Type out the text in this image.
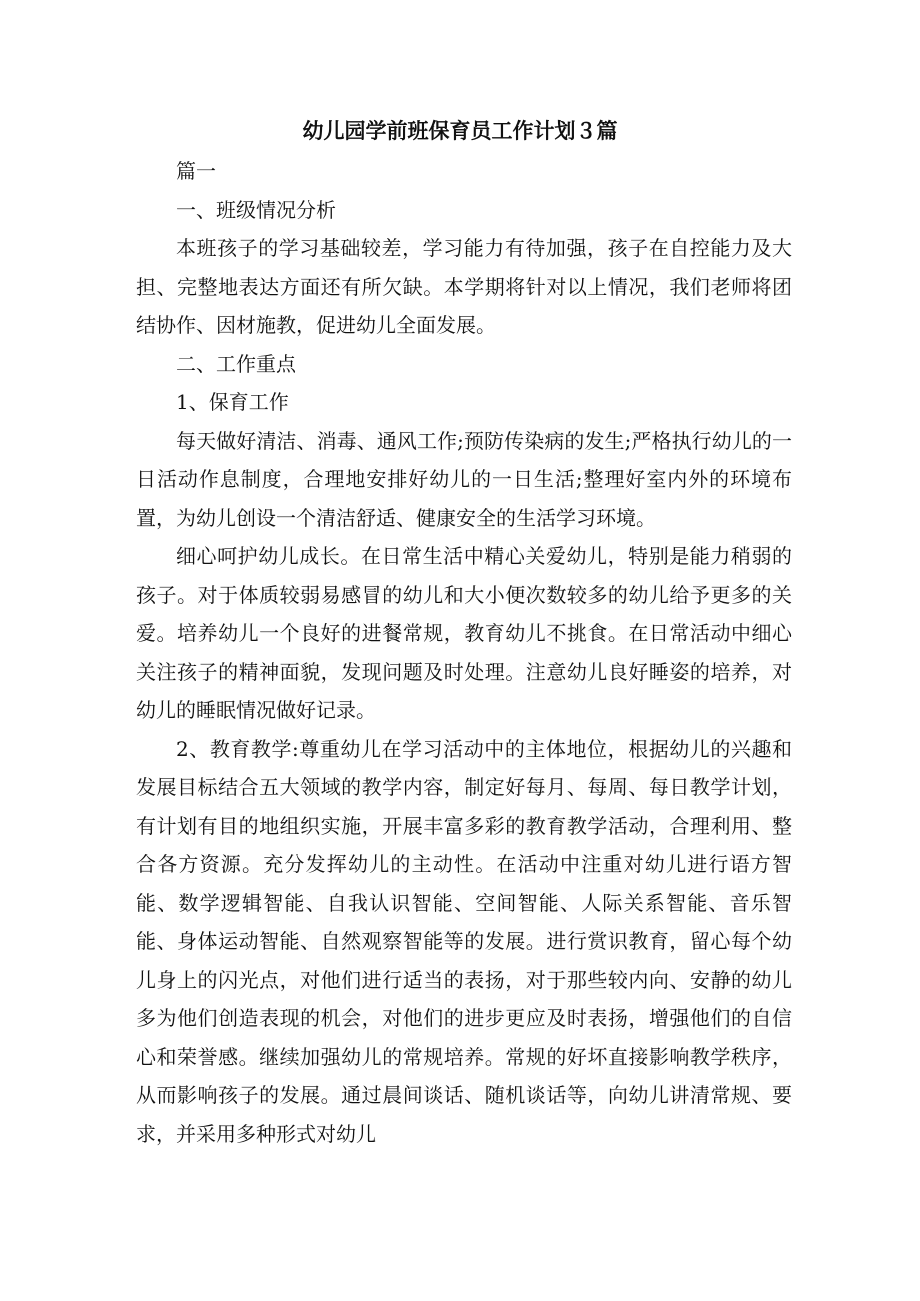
幼儿园学前班保育员工作计划３篇

篇一

一、班级情况分析

本班孩子的学习基础较差，学习能力有待加强，孩子在自控能力及大担、完整地表达方面还有所欠缺。本学期将针对以上情况，我们老师将团结协作、因材施教，促进幼儿全面发展。

二、工作重点

1、保育工作

每天做好清洁、消毒、通风工作;预防传染病的发生;严格执行幼儿的一日活动作息制度，合理地安排好幼儿的一日生活;整理好室内外的环境布置，为幼儿创设一个清洁舒适、健康安全的生活学习环境。

细心呵护幼儿成长。在日常生活中精心关爱幼儿，特别是能力稍弱的孩子。对于体质较弱易感冒的幼儿和大小便次数较多的幼儿给予更多的关爱。培养幼儿一个良好的进餐常规，教育幼儿不挑食。在日常活动中细心关注孩子的精神面貌，发现问题及时处理。注意幼儿良好睡姿的培养，对幼儿的睡眠情况做好记录。

2、教育教学:尊重幼儿在学习活动中的主体地位，根据幼儿的兴趣和发展目标结合五大领域的教学内容，制定好每月、每周、每日教学计划，有计划有目的地组织实施，开展丰富多彩的教育教学活动，合理利用、整合各方资源。充分发挥幼儿的主动性。在活动中注重对幼儿进行语方智能、数学逻辑智能、自我认识智能、空间智能、人际关系智能、音乐智能、身体运动智能、自然观察智能等的发展。进行赏识教育，留心每个幼儿身上的闪光点，对他们进行适当的表扬，对于那些较内向、安静的幼儿多为他们创造表现的机会，对他们的进步更应及时表扬，增强他们的自信心和荣誉感。继续加强幼儿的常规培养。常规的好坏直接影响教学秩序，从而影响孩子的发展。通过晨间谈话、随机谈话等，向幼儿讲清常规、要求，并采用多种形式对幼儿
